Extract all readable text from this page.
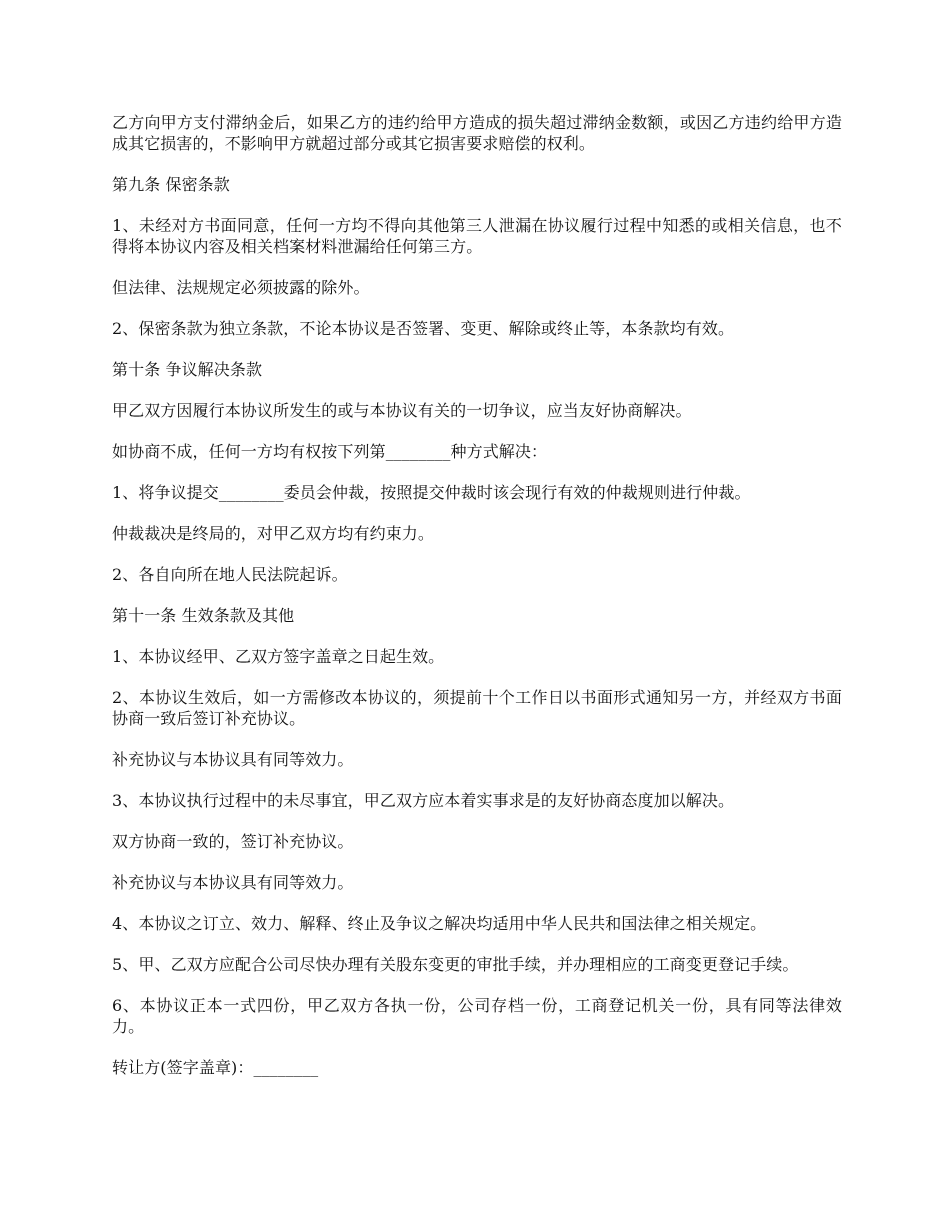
乙方向甲方支付滞纳金后，如果乙方的违约给甲方造成的损失超过滞纳金数额，或因乙方违约给甲方造成其它损害的，不影响甲方就超过部分或其它损害要求赔偿的权利。

第九条 保密条款

1、未经对方书面同意，任何一方均不得向其他第三人泄漏在协议履行过程中知悉的或相关信息，也不得将本协议内容及相关档案材料泄漏给任何第三方。

但法律、法规规定必须披露的除外。

2、保密条款为独立条款，不论本协议是否签署、变更、解除或终止等，本条款均有效。

第十条 争议解决条款

甲乙双方因履行本协议所发生的或与本协议有关的一切争议，应当友好协商解决。

如协商不成，任何一方均有权按下列第________种方式解决：

1、将争议提交________委员会仲裁，按照提交仲裁时该会现行有效的仲裁规则进行仲裁。

仲裁裁决是终局的，对甲乙双方均有约束力。

2、各自向所在地人民法院起诉。

第十一条 生效条款及其他

1、本协议经甲、乙双方签字盖章之日起生效。

2、本协议生效后，如一方需修改本协议的，须提前十个工作日以书面形式通知另一方，并经双方书面协商一致后签订补充协议。

补充协议与本协议具有同等效力。

3、本协议执行过程中的未尽事宜，甲乙双方应本着实事求是的友好协商态度加以解决。

双方协商一致的，签订补充协议。

补充协议与本协议具有同等效力。

4、本协议之订立、效力、解释、终止及争议之解决均适用中华人民共和国法律之相关规定。

5、甲、乙双方应配合公司尽快办理有关股东变更的审批手续，并办理相应的工商变更登记手续。

6、本协议正本一式四份，甲乙双方各执一份，公司存档一份，工商登记机关一份，具有同等法律效力。

转让方(签字盖章)：________
